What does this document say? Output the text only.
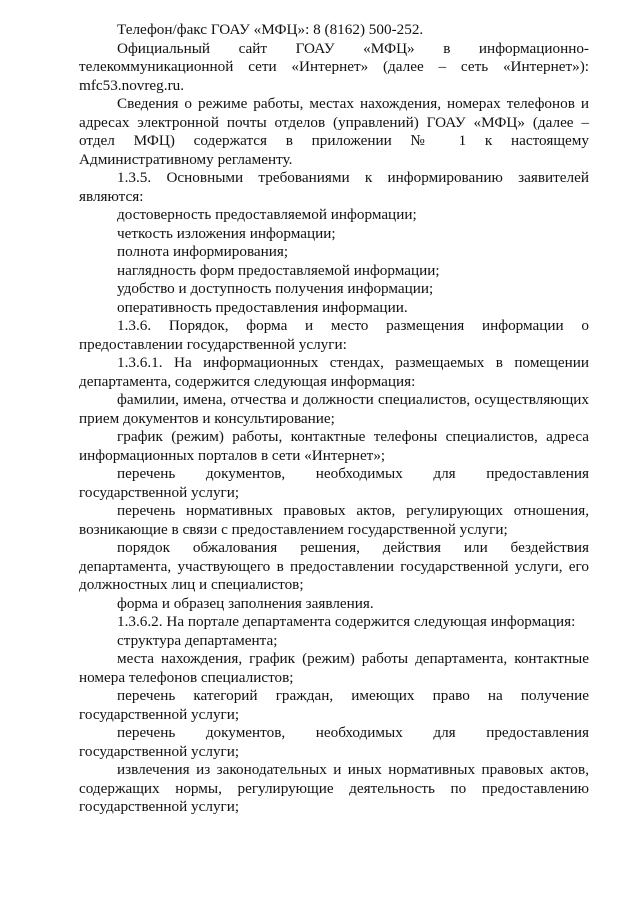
Телефон/факс ГОАУ «МФЦ»: 8 (8162) 500-252.

Официальный сайт ГОАУ «МФЦ» в информационно-телекоммуникационной сети «Интернет» (далее – сеть «Интернет»): mfc53.novreg.ru.

Сведения о режиме работы, местах нахождения, номерах телефонов и адресах электронной почты отделов (управлений) ГОАУ «МФЦ» (далее – отдел МФЦ) содержатся в приложении № 1 к настоящему Административному регламенту.

1.3.5. Основными требованиями к информированию заявителей являются:

достоверность предоставляемой информации;

четкость изложения информации;

полнота информирования;

наглядность форм предоставляемой информации;

удобство и доступность получения информации;

оперативность предоставления информации.

1.3.6. Порядок, форма и место размещения информации о предоставлении государственной услуги:

1.3.6.1. На информационных стендах, размещаемых в помещении департамента, содержится следующая информация:

фамилии, имена, отчества и должности специалистов, осуществляющих прием документов и консультирование;

график (режим) работы, контактные телефоны специалистов, адреса информационных порталов в сети «Интернет»;

перечень документов, необходимых для предоставления государственной услуги;

перечень нормативных правовых актов, регулирующих отношения, возникающие в связи с предоставлением государственной услуги;

порядок обжалования решения, действия или бездействия департамента, участвующего в предоставлении государственной услуги, его должностных лиц и специалистов;

форма и образец заполнения заявления.

1.3.6.2. На портале департамента содержится следующая информация:

структура департамента;

места нахождения, график (режим) работы департамента, контактные номера телефонов специалистов;

перечень категорий граждан, имеющих право на получение государственной услуги;

перечень документов, необходимых для предоставления государственной услуги;

извлечения из законодательных и иных нормативных правовых актов, содержащих нормы, регулирующие деятельность по предоставлению государственной услуги;
